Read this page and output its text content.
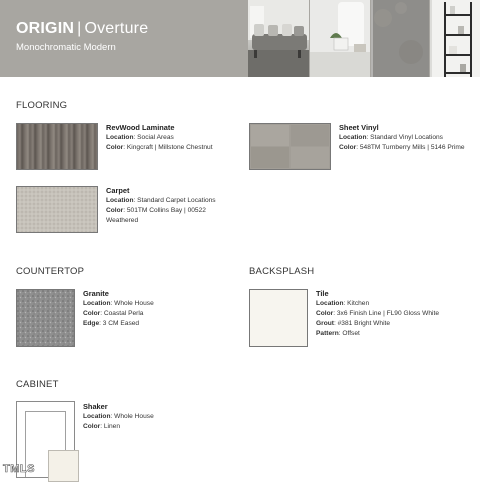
ORIGIN | Overture
Monochromatic Modern
FLOORING
RevWood Laminate
Location: Social Areas
Color: Kingcraft | Millstone Chestnut
Sheet Vinyl
Location: Standard Vinyl Locations
Color: 548TM Turnberry Mills | 5146 Prime
Carpet
Location: Standard Carpet Locations
Color: 501TM Collins Bay | 00522 Weathered
COUNTERTOP
Granite
Location: Whole House
Color: Coastal Perla
Edge: 3 CM Eased
BACKSPLASH
Tile
Location: Kitchen
Color: 3x6 Finish Line | FL90 Gloss White
Grout: #381 Bright White
Pattern: Offset
CABINET
Shaker
Location: Whole House
Color: Linen
TMLS
